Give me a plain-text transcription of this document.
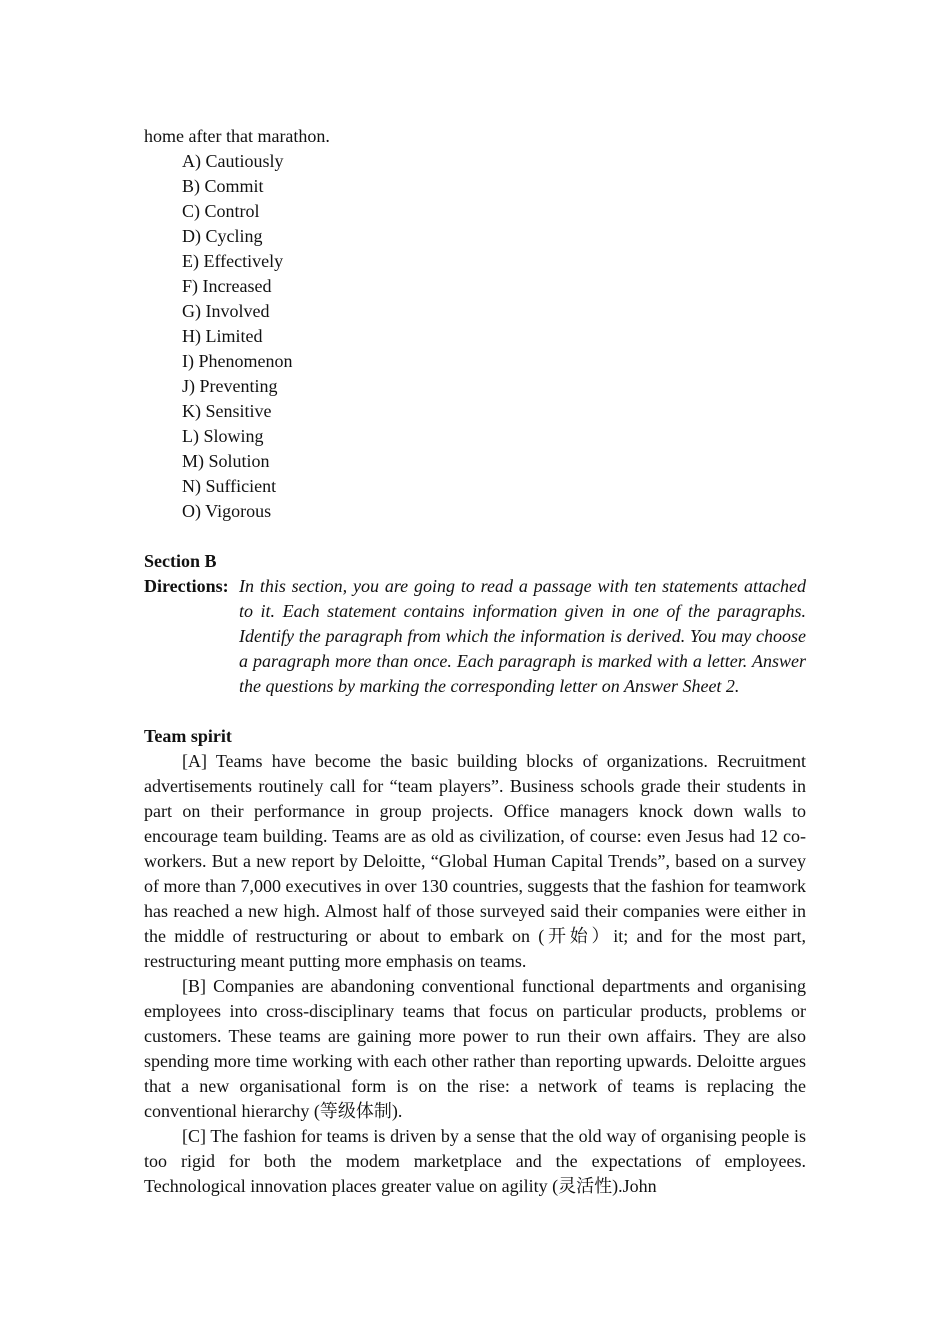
home after that marathon.

A) Cautiously
B) Commit
C) Control
D) Cycling
E) Effectively
F) Increased
G) Involved
H) Limited
I) Phenomenon
J) Preventing
K) Sensitive
L) Slowing
M) Solution
N) Sufficient
O) Vigorous

Section B

Directions: In this section, you are going to read a passage with ten statements attached to it. Each statement contains information given in one of the paragraphs. Identify the paragraph from which the information is derived. You may choose a paragraph more than once. Each paragraph is marked with a letter. Answer the questions by marking the corresponding letter on Answer Sheet 2.

Team spirit

[A] Teams have become the basic building blocks of organizations. Recruitment advertisements routinely call for “team players”. Business schools grade their students in part on their performance in group projects. Office managers knock down walls to encourage team building. Teams are as old as civilization, of course: even Jesus had 12 co-workers. But a new report by Deloitte, “Global Human Capital Trends”, based on a survey of more than 7,000 executives in over 130 countries, suggests that the fashion for teamwork has reached a new high. Almost half of those surveyed said their companies were either in the middle of restructuring or about to embark on (开始）it; and for the most part, restructuring meant putting more emphasis on teams.

[B] Companies are abandoning conventional functional departments and organising employees into cross-disciplinary teams that focus on particular products, problems or customers. These teams are gaining more power to run their own affairs. They are also spending more time working with each other rather than reporting upwards. Deloitte argues that a new organisational form is on the rise: a network of teams is replacing the conventional hierarchy (等级体制).

[C] The fashion for teams is driven by a sense that the old way of organising people is too rigid for both the modem marketplace and the expectations of employees. Technological innovation places greater value on agility (灵活性).John
